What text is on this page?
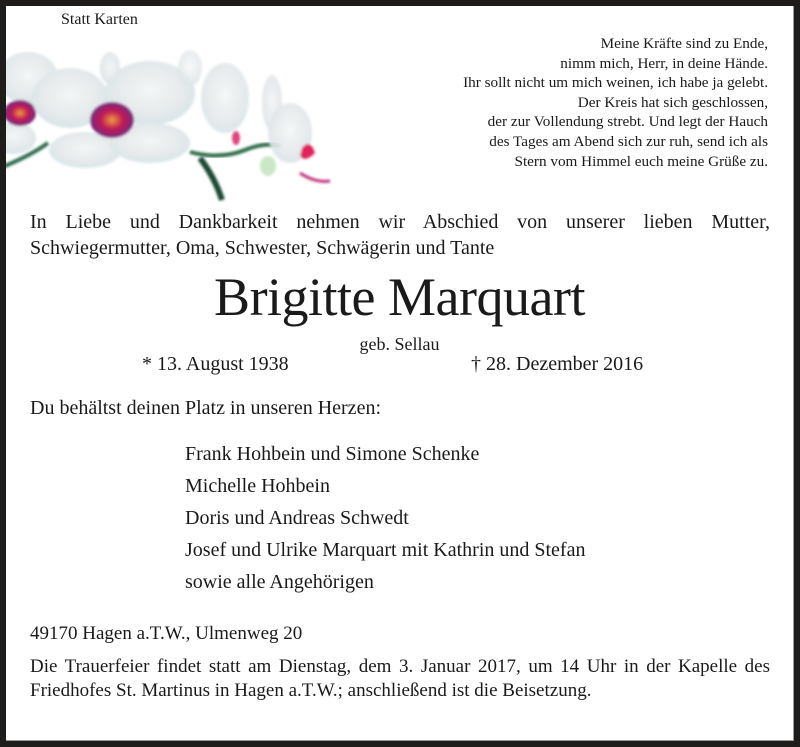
Statt Karten
Meine Kräfte sind zu Ende,
nimm mich, Herr, in deine Hände.
Ihr sollt nicht um mich weinen, ich habe ja gelebt.
Der Kreis hat sich geschlossen,
der zur Vollendung strebt. Und legt der Hauch
des Tages am Abend sich zur ruh, send ich als
Stern vom Himmel euch meine Grüße zu.
In Liebe und Dankbarkeit nehmen wir Abschied von unserer lieben Mutter,
Schwiegermutter, Oma, Schwester, Schwägerin und Tante
Brigitte Marquart
geb. Sellau
* 13. August 1938	† 28. Dezember 2016
Du behältst deinen Platz in unseren Herzen:
Frank Hohbein und Simone Schenke
Michelle Hohbein
Doris und Andreas Schwedt
Josef und Ulrike Marquart mit Kathrin und Stefan
sowie alle Angehörigen
49170 Hagen a.T.W., Ulmenweg 20
Die Trauerfeier findet statt am Dienstag, dem 3. Januar 2017, um 14 Uhr in der Kapelle des Friedhofes St. Martinus in Hagen a.T.W.; anschließend ist die Beisetzung.
